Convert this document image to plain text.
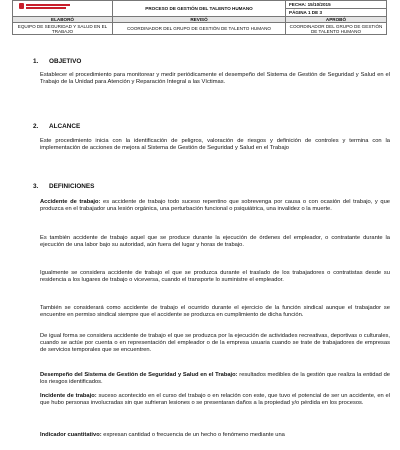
	PROCESO DE GESTIÓN DEL TALENTO HUMANO	FECHA: 15/10/2015
		PÁGINA 1 DE 3
ELABORÓ	REVISÓ	APROBÓ
EQUIPO DE SEGURIDAD Y SALUD EN EL TRABAJO	COORDINADOR DEL GRUPO DE GESTIÓN DE TALENTO HUMANO	COORDINADOR DEL GRUPO DE GESTIÓN DE TALENTO HUMANO
1. OBJETIVO

Establecer el procedimiento para monitorear y medir periódicamente el desempeño del Sistema de Gestión de Seguridad y Salud en el Trabajo de la Unidad para Atención y Reparación Integral a las Víctimas.

2. ALCANCE

Este procedimiento inicia con la identificación de peligros, valoración de riesgos y definición de controles y termina con la implementación de acciones de mejora al Sistema de Gestión de Seguridad y Salud en el Trabajo

3. DEFINICIONES

Accidente de trabajo: es accidente de trabajo todo suceso repentino que sobrevenga por causa o con ocasión del trabajo, y que produzca en el trabajador una lesión orgánica, una perturbación funcional o psiquiátrica, una invalidez o la muerte.

Es también accidente de trabajo aquel que se produce durante la ejecución de órdenes del empleador, o contratante durante la ejecución de una labor bajo su autoridad, aún fuera del lugar y horas de trabajo.

Igualmente se considera accidente de trabajo el que se produzca durante el traslado de los trabajadores o contratistas desde su residencia a los lugares de trabajo o viceversa, cuando el transporte lo suministre el empleador.

También se considerará como accidente de trabajo el ocurrido durante el ejercicio de la función sindical aunque el trabajador se encuentre en permiso sindical siempre que el accidente se produzca en cumplimiento de dicha función.

De igual forma se considera accidente de trabajo el que se produzca por la ejecución de actividades recreativas, deportivas o culturales, cuando se actúe por cuenta o en representación del empleador o de la empresa usuaria cuando se trate de trabajadores de empresas de servicios temporales que se encuentren.

Desempeño del Sistema de Gestión de Seguridad y Salud en el Trabajo: resultados medibles de la gestión que realiza la entidad de los riesgos identificados.

Incidente de trabajo: suceso acontecido en el curso del trabajo o en relación con este, que tuvo el potencial de ser un accidente, en el que hubo personas involucradas sin que sufrieran lesiones o se presentaran daños a la propiedad y/o pérdida en los procesos.

Indicador cuantitativo: expresan cantidad o frecuencia de un hecho o fenómeno mediante una
